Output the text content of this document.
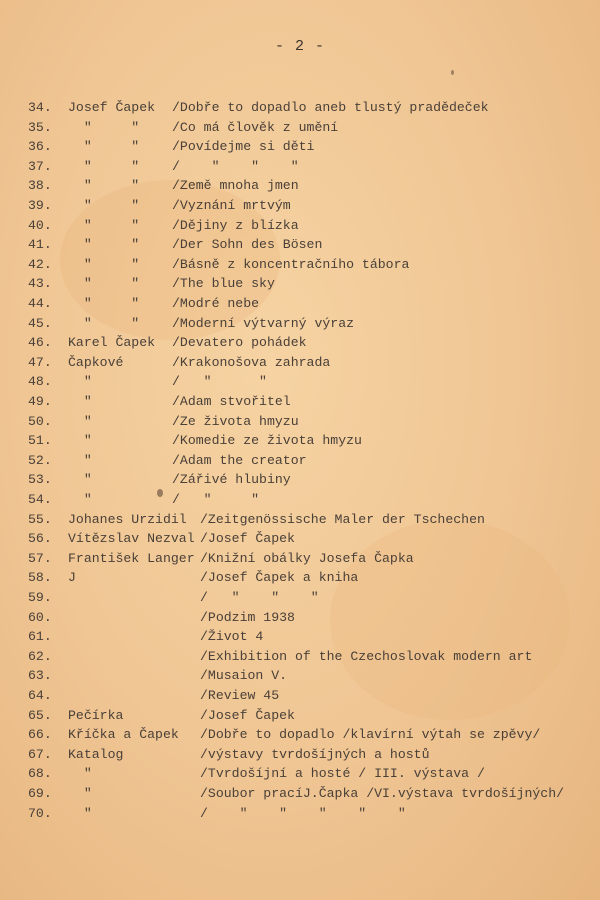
- 2 -
34.	Josef Čapek /Dobře to dopadlo aneb tlustý pradědeček
35.	"     " /Co má člověk z umění
36.	"     " /Povídejme si děti
37.	"     " /    "    "    "
38.	"     " /Země mnoha jmen
39.	"     " /Vyznání mrtvým
40.	"     " /Dějiny z blízka
41.	"     " /Der Sohn des Bösen
42.	"     " /Básně z koncentračního tábora
43.	"     " /The blue sky
44.	"     " /Modré nebe
45.	"     " /Moderní výtvarný výraz
46.	Karel Čapek /Devatero pohádek
47.	Čapkové	/Krakonošova zahrada
48.	"	/   "      "
49.	"	/Adam stvořitel
50.	"	/Ze života hmyzu
51.	"	/Komedie ze života hmyzu
52.	"	/Adam the creator
53.	"	/Zářivé hlubiny
54.	"	/   "     "
55.	Johanes Urzidil /Zeitgenössische Maler der Tschechen
56.	Vítězslav Nezval /Josef Čapek
57.	František Langer /Knižní obálky Josefa Čapka
58.	J	/Josef Čapek a kniha
59.	/   "    "    "
60.	/Podzim 1938
61.	/Život 4
62.	/Exhibition of the Czechoslovak modern art
63.	/Musaion V.
64.	/Review 45
65.	Pečírka	/Josef Čapek
66.	Kříčka a Čapek /Dobře to dopadlo /klavírní výtah se zpěvy/
67.	Katalog	/výstavy tvrdošíjných a hostů
68.	"	/Tvrdošíjní a hosté / III. výstava /
69.	"	/Soubor pracíJ.Čapka /VI.výstava tvrdošíjných/
70.	"	/    "    "    "    "    "
